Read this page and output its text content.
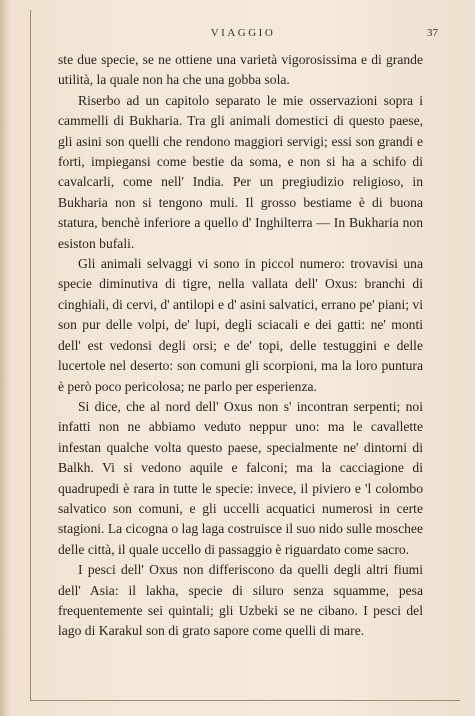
VIAGGIO	37

ste due specie, se ne ottiene una varietà vigorosissima e di grande utilità, la quale non ha che una gobba sola.

Riserbo ad un capitolo separato le mie osservazioni sopra i cammelli di Bukharia. Tra gli animali domestici di questo paese, gli asini son quelli che rendono maggiori servigi; essi son grandi e forti, impiegansi come bestie da soma, e non si ha a schifo di cavalcarli, come nell' India. Per un pregiudizio religioso, in Bukharia non si tengono muli. Il grosso bestiame è di buona statura, benchè inferiore a quello d' Inghilterra — In Bukharia non esiston bufali.

Gli animali selvaggi vi sono in piccol numero: trovavisi una specie diminutiva di tigre, nella vallata dell' Oxus: branchi di cinghiali, di cervi, d' antilopi e d' asini salvatici, errano pe' piani; vi son pur delle volpi, de' lupi, degli sciacali e dei gatti: ne' monti dell' est vedonsi degli orsi; e de' topi, delle testuggini e delle lucertole nel deserto: son comuni gli scorpioni, ma la loro puntura è però poco pericolosa; ne parlo per esperienza.

Si dice, che al nord dell' Oxus non s' incontran serpenti; noi infatti non ne abbiamo veduto neppur uno: ma le cavallette infestan qualche volta questo paese, specialmente ne' dintorni di Balkh. Vi si vedono aquile e falconi; ma la cacciagione di quadrupedi è rara in tutte le specie: invece, il piviero e 'l colombo salvatico son comuni, e gli uccelli acquatici numerosi in certe stagioni. La cicogna o lag laga costruisce il suo nido sulle moschee delle città, il quale uccello di passaggio è riguardato come sacro.

I pesci dell' Oxus non differiscono da quelli degli altri fiumi dell' Asia: il lakha, specie di siluro senza squamme, pesa frequentemente sei quintali; gli Uzbeki se ne cibano. I pesci del lago di Karakul son di grato sapore come quelli di mare.
